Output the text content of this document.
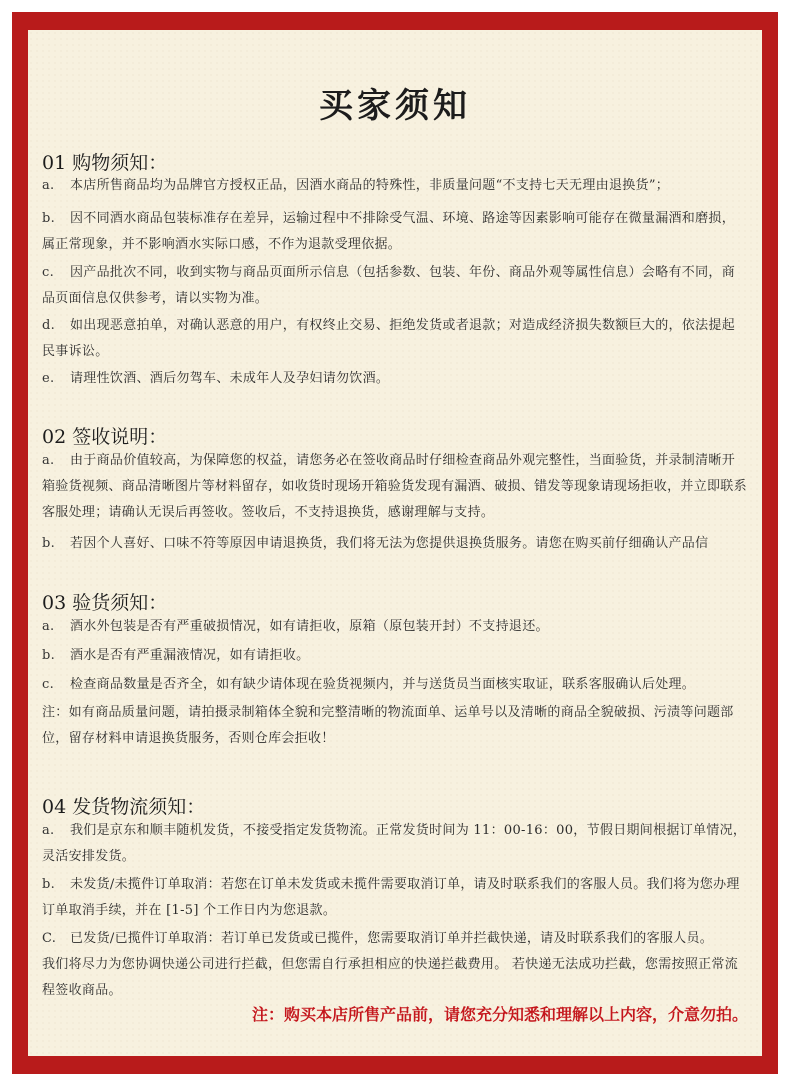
买家须知
01 购物须知：
a. 本店所售商品均为品牌官方授权正品，因酒水商品的特殊性，非质量问题“不支持七天无理由退换货”；
b. 因不同酒水商品包装标准存在差异，运输过程中不排除受气温、环境、路途等因素影响可能存在微量漏酒和磨损，属正常现象，并不影响酒水实际口感，不作为退款受理依据。
c. 因产品批次不同，收到实物与商品页面所示信息（包括参数、包装、年份、商品外观等属性信息）会略有不同，商品页面信息仅供参考，请以实物为准。
d. 如出现恶意拍单，对确认恶意的用户，有权终止交易、拒绝发货或者退款；对造成经济损失数额巨大的，依法提起民事诉讼。
e. 请理性饮酒、酒后勿驾车、未成年人及孕妇请勿饮酒。
02 签收说明：
a. 由于商品价值较高，为保障您的权益，请您务必在签收商品时仔细检查商品外观完整性，当面验货，并录制清晰开箱验货视频、商品清晰图片等材料留存，如收货时现场开箱验货发现有漏酒、破损、错发等现象请现场拒收，并立即联系客服处理；请确认无误后再签收。签收后，不支持退换货，感谢理解与支持。
b. 若因个人喜好、口味不符等原因申请退换货，我们将无法为您提供退换货服务。请您在购买前仔细确认产品信
03 验货须知：
a. 酒水外包装是否有严重破损情况，如有请拒收，原箱（原包装开封）不支持退还。
b. 酒水是否有严重漏液情况，如有请拒收。
c. 检查商品数量是否齐全，如有缺少请体现在验货视频内，并与送货员当面核实取证，联系客服确认后处理。
注：如有商品质量问题，请拍摄录制箱体全貌和完整清晰的物流面单、运单号以及清晰的商品全貌破损、污渍等问题部位，留存材料申请退换货服务，否则仓库会拒收！
04 发货物流须知：
a. 我们是京东和顺丰随机发货，不接受指定发货物流。正常发货时间为 11：00-16：00，节假日期间根据订单情况，灵活安排发货。
b. 未发货/未揽件订单取消：若您在订单未发货或未揽件需要取消订单，请及时联系我们的客服人员。我们将为您办理订单取消手续，并在 [1-5] 个工作日内为您退款。
C. 已发货/已揽件订单取消：若订单已发货或已揽件，您需要取消订单并拦截快递，请及时联系我们的客服人员。
我们将尽力为您协调快递公司进行拦截，但您需自行承担相应的快递拦截费用。 若快递无法成功拦截，您需按照正常流程签收商品。
注：购买本店所售产品前，请您充分知悉和理解以上内容，介意勿拍。
